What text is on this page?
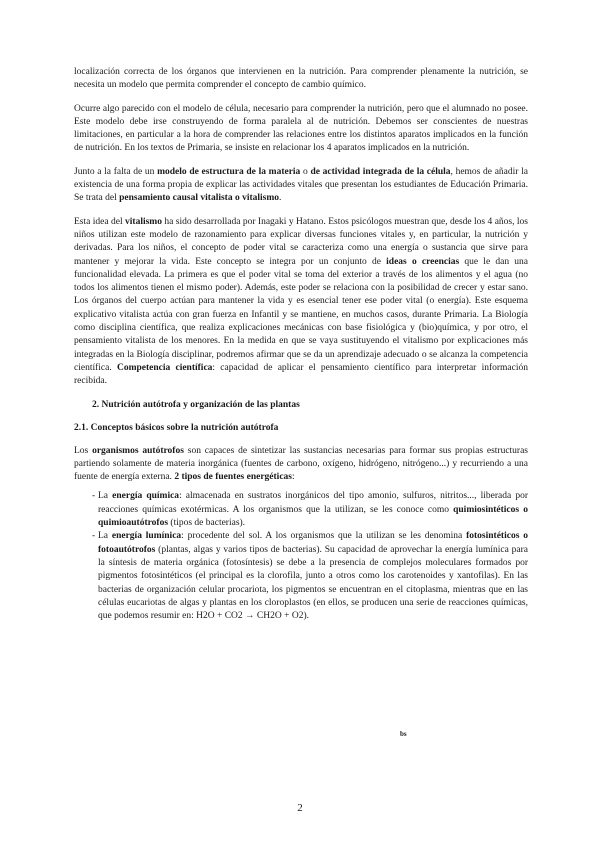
localización correcta de los órganos que intervienen en la nutrición. Para comprender plenamente la nutrición, se necesita un modelo que permita comprender el concepto de cambio químico.

Ocurre algo parecido con el modelo de célula, necesario para comprender la nutrición, pero que el alumnado no posee. Este modelo debe irse construyendo de forma paralela al de nutrición. Debemos ser conscientes de nuestras limitaciones, en particular a la hora de comprender las relaciones entre los distintos aparatos implicados en la función de nutrición. En los textos de Primaria, se insiste en relacionar los 4 aparatos implicados en la nutrición.

Junto a la falta de un modelo de estructura de la materia o de actividad integrada de la célula, hemos de añadir la existencia de una forma propia de explicar las actividades vitales que presentan los estudiantes de Educación Primaria. Se trata del pensamiento causal vitalista o vitalismo.

Esta idea del vitalismo ha sido desarrollada por Inagaki y Hatano. Estos psicólogos muestran que, desde los 4 años, los niños utilizan este modelo de razonamiento para explicar diversas funciones vitales y, en particular, la nutrición y derivadas. Para los niños, el concepto de poder vital se caracteriza como una energía o sustancia que sirve para mantener y mejorar la vida. Este concepto se integra por un conjunto de ideas o creencias que le dan una funcionalidad elevada. La primera es que el poder vital se toma del exterior a través de los alimentos y el agua (no todos los alimentos tienen el mismo poder). Además, este poder se relaciona con la posibilidad de crecer y estar sano. Los órganos del cuerpo actúan para mantener la vida y es esencial tener ese poder vital (o energía). Este esquema explicativo vitalista actúa con gran fuerza en Infantil y se mantiene, en muchos casos, durante Primaria. La Biología como disciplina científica, que realiza explicaciones mecánicas con base fisiológica y (bio)química, y por otro, el pensamiento vitalista de los menores. En la medida en que se vaya sustituyendo el vitalismo por explicaciones más integradas en la Biología disciplinar, podremos afirmar que se da un aprendizaje adecuado o se alcanza la competencia científica. Competencia científica: capacidad de aplicar el pensamiento científico para interpretar información recibida.

2. Nutrición autótrofa y organización de las plantas
2.1. Conceptos básicos sobre la nutrición autótrofa

Los organismos autótrofos son capaces de sintetizar las sustancias necesarias para formar sus propias estructuras partiendo solamente de materia inorgánica (fuentes de carbono, oxígeno, hidrógeno, nitrógeno...) y recurriendo a una fuente de energía externa. 2 tipos de fuentes energéticas:

- La energía química: almacenada en sustratos inorgánicos del tipo amonio, sulfuros, nitritos..., liberada por reacciones químicas exotérmicas. A los organismos que la utilizan, se les conoce como quimiosintéticos o quimioautótrofos (tipos de bacterias).
- La energía lumínica: procedente del sol. A los organismos que la utilizan se les denomina fotosintéticos o fotoautótrofos (plantas, algas y varios tipos de bacterias). Su capacidad de aprovechar la energía lumínica para la síntesis de materia orgánica (fotosíntesis) se debe a la presencia de complejos moleculares formados por pigmentos fotosintéticos (el principal es la clorofila, junto a otros como los carotenoides y xantofilas). En las bacterias de organización celular procariota, los pigmentos se encuentran en el citoplasma, mientras que en las células eucariotas de algas y plantas en los cloroplastos (en ellos, se producen una serie de reacciones químicas, que podemos resumir en: H2O + CO2 → CH2O + O2).
bs
2
